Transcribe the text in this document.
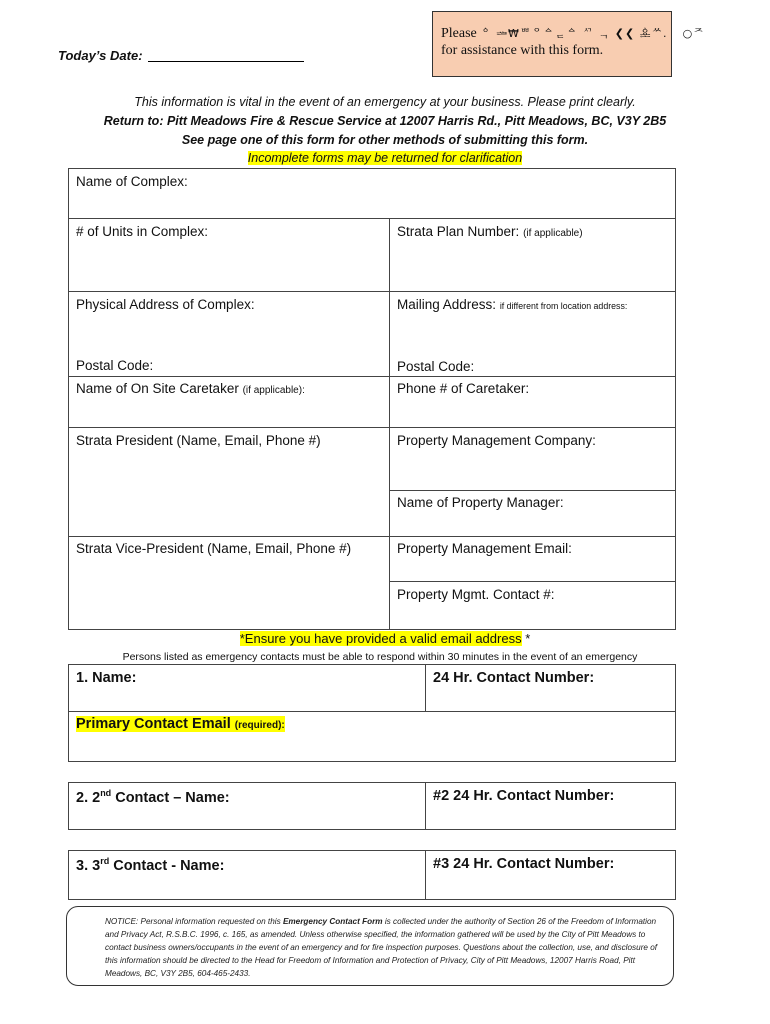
Today’s Date:
Please ᅌ ᆇ₩ᄈᄋᅀᆮᅀ ᄭ ᆨ ❮❮ ᅌᆇᄊ. ᅟ○ᄌ
for assistance with this form.
This information is vital in the event of an emergency at your business. Please print clearly.
Return to: Pitt Meadows Fire & Rescue Service at 12007 Harris Rd., Pitt Meadows, BC, V3Y 2B5
See page one of this form for other methods of submitting this form.
Incomplete forms may be returned for clarification
Name of Complex:
# of Units in Complex:	Strata Plan Number: (if applicable)
Physical Address of Complex:	Mailing Address: if different from location address:
Postal Code:	Postal Code:
Name of On Site Caretaker (if applicable):	Phone # of Caretaker:
Strata President (Name, Email, Phone #)	Property Management Company:
Name of Property Manager:
Strata Vice-President (Name, Email, Phone #)	Property Management Email:
Property Mgmt. Contact #:
*Ensure you have provided a valid email address *
Persons listed as emergency contacts must be able to respond within 30 minutes in the event of an emergency
1. Name:	24 Hr. Contact Number:
Primary Contact Email (required):
2. 2nd Contact – Name:	#2 24 Hr. Contact Number:
3. 3rd Contact - Name:	#3 24 Hr. Contact Number:
NOTICE: Personal information requested on this Emergency Contact Form is collected under the authority of Section 26 of the Freedom of Information and Privacy Act, R.S.B.C. 1996, c. 165, as amended. Unless otherwise specified, the information gathered will be used by the City of Pitt Meadows to contact business owners/occupants in the event of an emergency and for fire inspection purposes. Questions about the collection, use, and disclosure of this information should be directed to the Head for Freedom of Information and Protection of Privacy, City of Pitt Meadows, 12007 Harris Road, Pitt Meadows, BC, V3Y 2B5, 604-465-2433.
